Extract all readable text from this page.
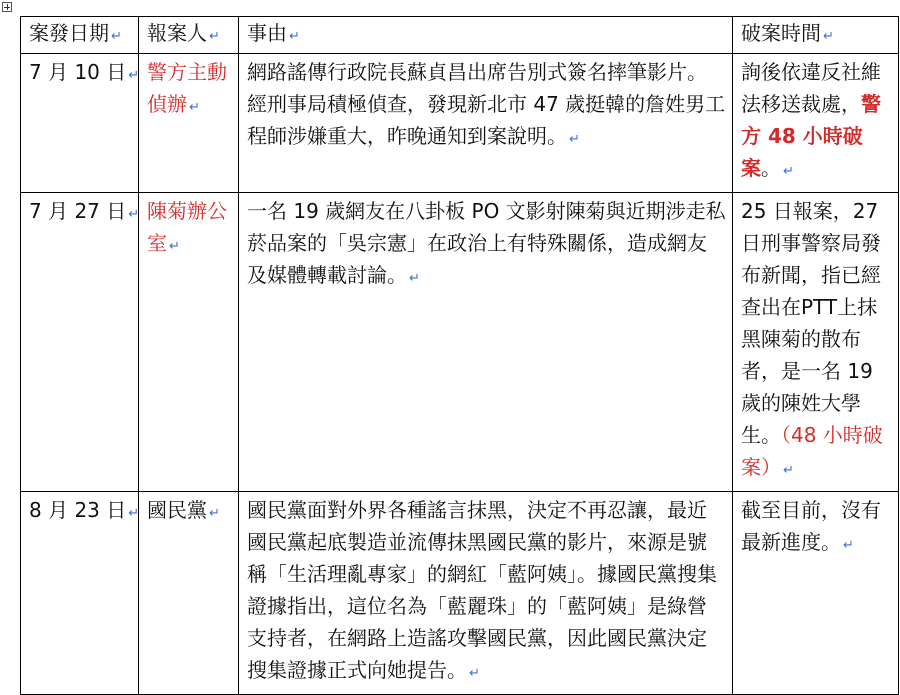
案發日期 ↵	報案人 ↵	事由 ↵	破案時間 ↵
7 月 10 日 ↵	警方主動偵辦 ↵	網路謠傳行政院長蘇貞昌出席告別式簽名摔筆影片。經刑事局積極偵查，發現新北市 47 歲挺韓的詹姓男工程師涉嫌重大，昨晚通知到案說明。 ↵	詢後依違反社維法移送裁處，警方 48 小時破案。 ↵
7 月 27 日 ↵	陳菊辦公室 ↵	一名 19 歲網友在八卦板 PO 文影射陳菊與近期涉走私菸品案的「吳宗憲」在政治上有特殊關係，造成網友及媒體轉載討論。 ↵	25 日報案，27 日刑事警察局發布新聞，指已經查出在PTT上抹黑陳菊的散布者，是一名 19 歲的陳姓大學生。（48 小時破案） ↵
8 月 23 日 ↵	國民黨 ↵	國民黨面對外界各種謠言抹黑，決定不再忍讓，最近國民黨起底製造並流傳抹黑國民黨的影片，來源是號稱「生活理亂專家」的網紅「藍阿姨」。據國民黨搜集證據指出，這位名為「藍麗珠」的「藍阿姨」是綠營支持者，在網路上造謠攻擊國民黨，因此國民黨決定搜集證據正式向她提告。 ↵	截至目前，沒有最新進度。 ↵
